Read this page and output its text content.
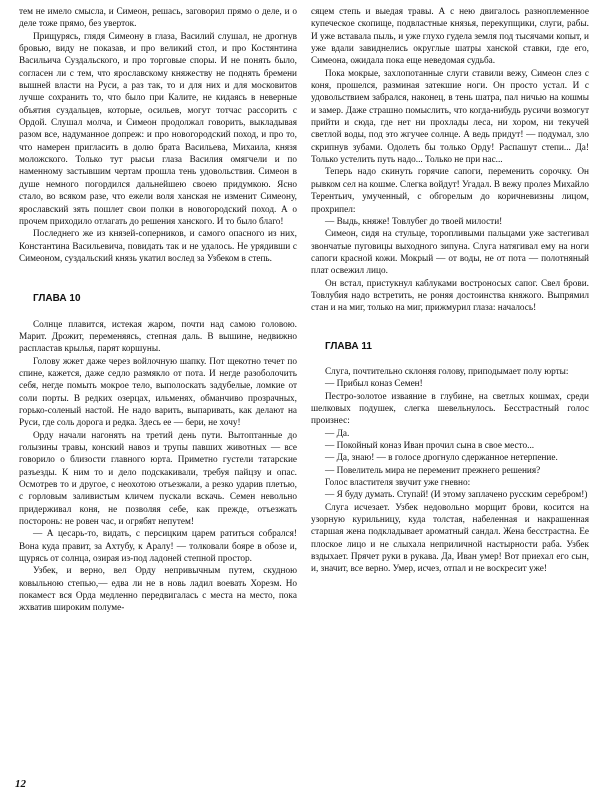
тем не имело смысла, и Симеон, решась, заговорил прямо о деле, и о деле тоже прямо, без уверток.

Прищурясь, глядя Симеону в глаза, Василий слушал, не дрогнув бровью, виду не показав, и про великий стол, и про Костянтина Васильича Суздальского, и про торговые споры. И не понять было, согласен ли с тем, что ярославскому княжеству не поднять бремени вышней власти на Руси, а раз так, то и для них и для московитов лучше сохранить то, что было при Калите, не кидаясь в неверные объятия суздальцев, которые, осильев, могут тотчас рассорить с Ордой. Слушал молча, и Симеон продолжал говорить, выкладывая разом все, надуманное допреж: и про новогородский поход, и про то, что намерен пригласить в долю брата Васильева, Михаила, князя моложского. Только тут рысьи глаза Василия омягчели и по наменному застывшим чертам прошла тень удовольствия. Симеон в душе немного погордился дальнейшею своею придумкою. Ясно стало, во всяком разе, что ежели воля ханская не изменит Симеону, ярославский зять пошлет свои полки в новогородский поход. А о прочем приходило отлагать до решения ханского. И то было благо!

Последнего же из князей-соперников, и самого опасного из них, Константина Васильевича, повидать так и не удалось. Не урядивши с Симеоном, суздальский князь укатил вослед за Узбеком в степь.

ГЛАВА 10

Солнце плавится, истекая жаром, почти над самою головою. Марит. Дрожит, переменяясь, степная даль. В вышине, недвижно распластав крылья, парят коршуны.

Голову жжет даже через войлочную шапку. Пот щекотно течет по спине, кажется, даже седло размякло от пота. И негде разоболочить себя, негде помыть мокрое тело, выполоскать задубелые, ломкие от соли порты. В редких озерцах, ильменях, обманчиво прозрачных, горько-соленый настой. Не надо варить, выпаривать, как делают на Руси, где соль дорога и редка. Здесь ее — бери, не хочу!

Орду начали нагонять на третий день пути. Вытоптанные до голызины травы, конский навоз и трупы павших животных — все говорило о близости главного юрта. Приметно густели татарские разъезды. К ним то и дело подскакивали, требуя пайцзу и опас. Осмотрев то и другое, с неохотою отъезжали, а резко ударив плетью, с горловым заливистым кличем пускали вскачь. Семен невольно придерживал коня, не позволяя себе, как прежде, отъезжать посторонь: не ровен час, и огрябят непутем!

— А цесарь-то, видать, с персицким царем ратиться собрался! Вона куда правит, за Ахтубу, к Аралу! — толковали бояре в обозе и, щурясь от солнца, озирая из-под ладоней степной простор.

Узбек, и верно, вел Орду непривычным путем, скудною ковыльною степью,— едва ли не в новь ладил воевать Хорезм. Но покамест вся Орда медленно передвигалась с места на место, покa жхватив широким полуме-

сяцем степь и выедая травы. А с нею двигалось разноплеменное купеческое скопище, подвластные князья, перекупщики, слуги, рабы. И уже вставала пыль, и уже глухо гудела земля под тысячами копыт, и уже вдали завиднелись округлые шатры ханской ставки, где его, Симеона, ожидала пока еще неведомая судьба.

Пока мокрые, захлопотанные слуги ставили вежу, Симеон слез с коня, прошелся, разминая затекшие ноги. Он просто устал. И с удовольствием забрался, наконец, в тень шатра, пал ничью на кошмы и замер. Даже страшно помыслить, что когда-нибудь русичи возмогут прийти и сюда, где нет ни прохлады леса, ни хором, ни текучей светлой воды, под это жгучее солнце. А ведь придут! — подумал, зло скрипнув зубами. Одолеть бы только Орду! Распашут степи... Да! Только устелить путь надо... Только не при нас...

Теперь надо скинуть горячие сапоги, переменить сорочку. Он рывком сел на кошме. Слегка войдут! Угадал. В вежу пролез Михайло Терентьич, умученный, с обгорелым до коричневизны лицом, прохрипел:

— Выдь, княже! Товлубег до твоей милости!

Симеон, сидя на стульце, торопливыми пальцами уже застегивал звончатые пуговицы выходного зипуна. Слуга натягивал ему на ноги сапоги красной кожи. Мокрый — от воды, не от пота — полотняный плат освежил лицо.

Он встал, пристукнул каблуками востроносых сапог. Свел брови. Товлубия надо встретить, не роняя достоинства княжого. Выпрямил стан и на миг, только на миг, прижмурил глаза: началось!

ГЛАВА 11

Слуга, почтительно склоняя голову, приподымает полу юрты:

— Прибыл коназ Семен!

Пестро-золотое изваяние в глубине, на светлых кошмах, среди шелковых подушек, слегка шевельнулось. Бесстрастный голос произнес:

— Да.

— Покойный коназ Иван прочил сына в свое место...

— Да, знаю! — в голосе дрогнуло сдержанное нетерпение.

— Повелитель мира не переменит прежнего решения?

Голос властителя звучит уже гневно:

— Я буду думать. Ступай! (И этому заплачено русским серебром!)

Слуга исчезает. Узбек недовольно морщит брови, косится на узорную курильницу, куда толстая, набеленная и накрашенная старшая жена подкладывает ароматный сандал. Жена бесстрастна. Ее плоское лицо и не слыхала неприличной настырности раба. Узбек вздыхает. Прячет руки в рукава. Да, Иван умер! Вот приехал его сын, и, значит, все верно. Умер, исчез, отпал и не воскресит уже!

12
